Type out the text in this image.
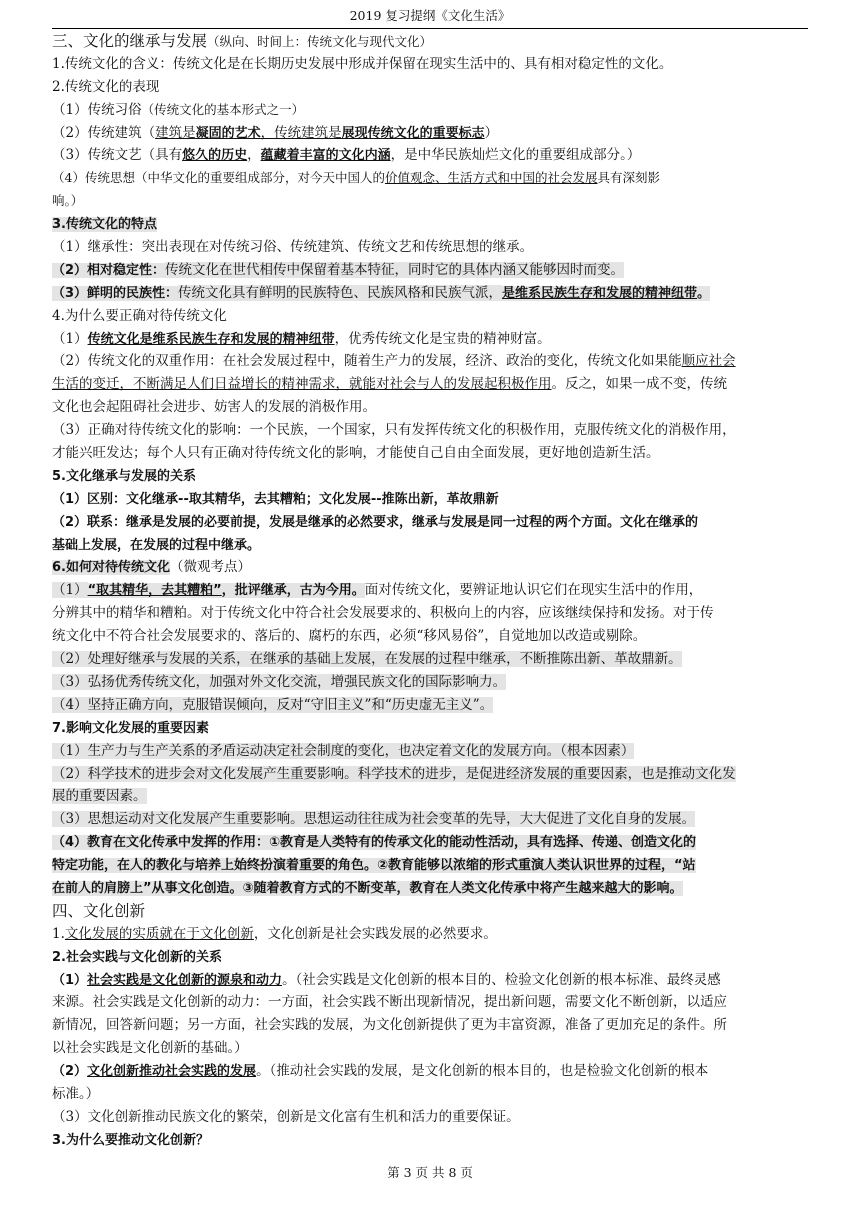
2019 复习提纲《文化生活》
三、文化的继承与发展（纵向、时间上：传统文化与现代文化）
1.传统文化的含义：传统文化是在长期历史发展中形成并保留在现实生活中的、具有相对稳定性的文化。
2.传统文化的表现
（1）传统习俗（传统文化的基本形式之一）
（2）传统建筑（建筑是凝固的艺术，传统建筑是展现传统文化的重要标志）
（3）传统文艺（具有悠久的历史，蕴藏着丰富的文化内涵，是中华民族灿烂文化的重要组成部分。）
（4）传统思想（中华文化的重要组成部分，对今天中国人的价值观念、生活方式和中国的社会发展具有深刻影
响。）
3.传统文化的特点
（1）继承性：突出表现在对传统习俗、传统建筑、传统文艺和传统思想的继承。
（2）相对稳定性：传统文化在世代相传中保留着基本特征，同时它的具体内涵又能够因时而变。
（3）鲜明的民族性：传统文化具有鲜明的民族特色、民族风格和民族气派，是维系民族生存和发展的精神纽带。
4.为什么要正确对待传统文化
（1）传统文化是维系民族生存和发展的精神纽带，优秀传统文化是宝贵的精神财富。
（2）传统文化的双重作用：在社会发展过程中，随着生产力的发展，经济、政治的变化，传统文化如果能顺应社会
生活的变迁，不断满足人们日益增长的精神需求，就能对社会与人的发展起积极作用。反之，如果一成不变，传统
文化也会起阻碍社会进步、妨害人的发展的消极作用。
（3）正确对待传统文化的影响：一个民族，一个国家，只有发挥传统文化的积极作用，克服传统文化的消极作用，
才能兴旺发达；每个人只有正确对待传统文化的影响，才能使自己自由全面发展，更好地创造新生活。
5.文化继承与发展的关系
（1）区别：文化继承--取其精华，去其糟粕；文化发展--推陈出新，革故鼎新
（2）联系：继承是发展的必要前提，发展是继承的必然要求，继承与发展是同一过程的两个方面。文化在继承的
基础上发展，在发展的过程中继承。
6.如何对待传统文化（微观考点）
（1）“取其精华，去其糟粕”，批评继承，古为今用。面对传统文化，要辨证地认识它们在现实生活中的作用，
分辨其中的精华和糟粕。对于传统文化中符合社会发展要求的、积极向上的内容，应该继续保持和发扬。对于传
统文化中不符合社会发展要求的、落后的、腐朽的东西，必须“移风易俗”，自觉地加以改造或剔除。
（2）处理好继承与发展的关系，在继承的基础上发展，在发展的过程中继承，不断推陈出新、革故鼎新。
（3）弘扬优秀传统文化，加强对外文化交流，增强民族文化的国际影响力。
（4）坚持正确方向，克服错误倾向，反对“守旧主义”和“历史虚无主义”。
7.影响文化发展的重要因素
（1）生产力与生产关系的矛盾运动决定社会制度的变化，也决定着文化的发展方向。（根本因素）
（2）科学技术的进步会对文化发展产生重要影响。科学技术的进步，是促进经济发展的重要因素，也是推动文化发
展的重要因素。
（3）思想运动对文化发展产生重要影响。思想运动往往成为社会变革的先导，大大促进了文化自身的发展。
（4）教育在文化传承中发挥的作用：①教育是人类特有的传承文化的能动性活动，具有选择、传递、创造文化的
特定功能，在人的教化与培养上始终扮演着重要的角色。②教育能够以浓缩的形式重演人类认识世界的过程，“站
在前人的肩膀上”从事文化创造。③随着教育方式的不断变革，教育在人类文化传承中将产生越来越大的影响。
四、文化创新
1.文化发展的实质就在于文化创新，文化创新是社会实践发展的必然要求。
2.社会实践与文化创新的关系
（1）社会实践是文化创新的源泉和动力。（社会实践是文化创新的根本目的、检验文化创新的根本标准、最终灵感
来源。社会实践是文化创新的动力：一方面，社会实践不断出现新情况，提出新问题，需要文化不断创新，以适应
新情况，回答新问题；另一方面，社会实践的发展，为文化创新提供了更为丰富资源，准备了更加充足的条件。所
以社会实践是文化创新的基础。）
（2）文化创新推动社会实践的发展。（推动社会实践的发展，是文化创新的根本目的，也是检验文化创新的根本
标准。）
（3）文化创新推动民族文化的繁荣，创新是文化富有生机和活力的重要保证。
3.为什么要推动文化创新？
第 3 页 共 8 页
